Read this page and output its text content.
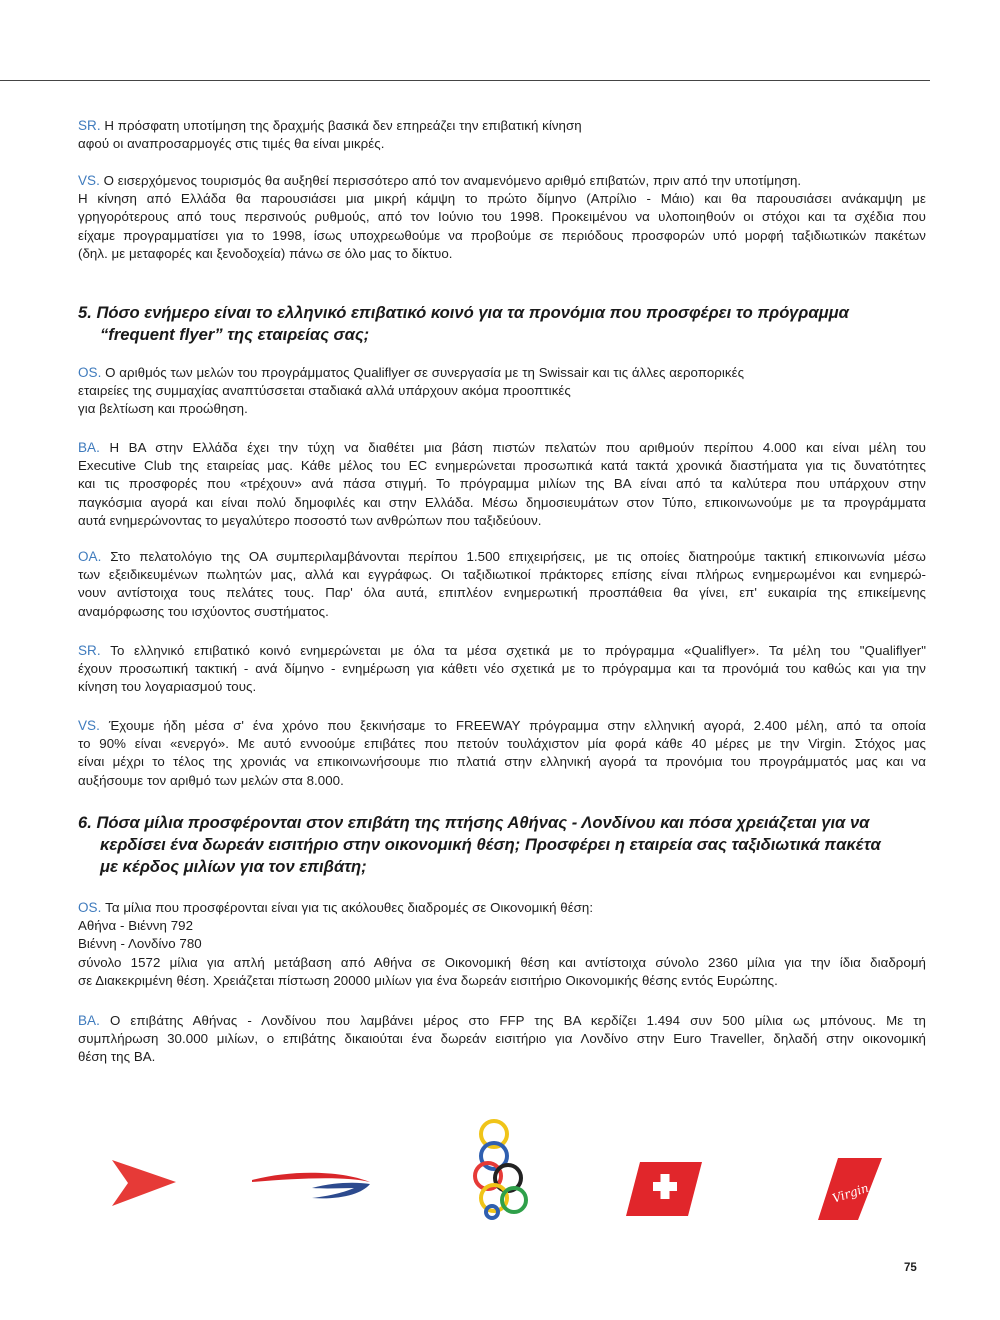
SR. Η πρόσφατη υποτίμηση της δραχμής βασικά δεν επηρεάζει την επιβατική κίνηση
αφού οι αναπροσαρμογές στις τιμές θα είναι μικρές.
VS. Ο εισερχόμενος τουρισμός θα αυξηθεί περισσότερο από τον αναμενόμενο αριθμό επιβατών, πριν από την υποτίμηση.
Η κίνηση από Ελλάδα θα παρουσιάσει μια μικρή κάμψη το πρώτο δίμηνο (Απρίλιο - Μάιο) και θα παρουσιάσει ανάκαμψη με
γρηγορότερους από τους περσινούς ρυθμούς, από τον Ιούνιο του 1998. Προκειμένου να υλοποιηθούν οι στόχοι και τα σχέδια που
είχαμε προγραμματίσει για το 1998, ίσως υποχρεωθούμε να προβούμε σε περιόδους προσφορών υπό μορφή ταξιδιωτικών πακέτων
(δηλ. με μεταφορές και ξενοδοχεία) πάνω σε όλο μας το δίκτυο.
5. Πόσο ενήμερο είναι το ελληνικό επιβατικό κοινό για τα προνόμια που προσφέρει το πρόγραμμα
“frequent flyer” της εταιρείας σας;
OS. Ο αριθμός των μελών του προγράμματος Qualiflyer σε συνεργασία με τη Swissair και τις άλλες αεροπορικές
εταιρείες της συμμαχίας αναπτύσσεται σταδιακά αλλά υπάρχουν ακόμα προοπτικές
για βελτίωση και προώθηση.
BA. Η ΒΑ στην Ελλάδα έχει την τύχη να διαθέτει μια βάση πιστών πελατών που αριθμούν περίπου 4.000 και είναι μέλη του
Executive Club της εταιρείας μας. Κάθε μέλος του EC ενημερώνεται προσωπικά κατά τακτά χρονικά διαστήματα για τις δυνατότητες
και τις προσφορές που «τρέχουν» ανά πάσα στιγμή. Το πρόγραμμα μιλίων της ΒΑ είναι από τα καλύτερα που υπάρχουν στην
παγκόσμια αγορά και είναι πολύ δημοφιλές και στην Ελλάδα. Μέσω δημοσιευμάτων στον Τύπο, επικοινωνούμε με τα προγράμματα
αυτά ενημερώνοντας το μεγαλύτερο ποσοστό των ανθρώπων που ταξιδεύουν.
OA. Στο πελατολόγιο της ΟΑ συμπεριλαμβάνονται περίπου 1.500 επιχειρήσεις, με τις οποίες διατηρούμε τακτική επικοινωνία μέσω
των εξειδικευμένων πωλητών μας, αλλά και εγγράφως. Οι ταξιδιωτικοί πράκτορες επίσης είναι πλήρως ενημερωμένοι και ενημερώ-
νουν αντίστοιχα τους πελάτες τους. Παρ' όλα αυτά, επιπλέον ενημερωτική προσπάθεια θα γίνει, επ' ευκαιρία της επικείμενης
αναμόρφωσης του ισχύοντος συστήματος.
SR. Το ελληνικό επιβατικό κοινό ενημερώνεται με όλα τα μέσα σχετικά με το πρόγραμμα «Qualiflyer». Τα μέλη του "Qualiflyer"
έχουν προσωπική τακτική - ανά δίμηνο - ενημέρωση για κάθετι νέο σχετικά με το πρόγραμμα και τα προνόμιά του καθώς και για την
κίνηση του λογαριασμού τους.
VS. Έχουμε ήδη μέσα σ' ένα χρόνο που ξεκινήσαμε το FREEWAY πρόγραμμα στην ελληνική αγορά, 2.400 μέλη, από τα οποία
το 90% είναι «ενεργό». Με αυτό εννοούμε επιβάτες που πετούν τουλάχιστον μία φορά κάθε 40 μέρες με την Virgin. Στόχος μας
είναι μέχρι το τέλος της χρονιάς να επικοινωνήσουμε πιο πλατιά στην ελληνική αγορά τα προνόμια του προγράμματός μας και να
αυξήσουμε τον αριθμό των μελών στα 8.000.
6. Πόσα μίλια προσφέρονται στον επιβάτη της πτήσης Αθήνας - Λονδίνου και πόσα χρειάζεται για να
κερδίσει ένα δωρεάν εισιτήριο στην οικονομική θέση; Προσφέρει η εταιρεία σας ταξιδιωτικά πακέτα
με κέρδος μιλίων για τον επιβάτη;
OS. Τα μίλια που προσφέρονται είναι για τις ακόλουθες διαδρομές σε Οικονομική θέση:
Αθήνα - Βιέννη 792
Βιέννη - Λονδίνο 780
σύνολο 1572 μίλια για απλή μετάβαση από Αθήνα σε Οικονομική θέση και αντίστοιχα σύνολο 2360 μίλια για την ίδια διαδρομή
σε Διακεκριμένη θέση. Χρειάζεται πίστωση 20000 μιλίων για ένα δωρεάν εισιτήριο Οικονομικής θέσης εντός Ευρώπης.
BA. Ο επιβάτης Αθήνας - Λονδίνου που λαμβάνει μέρος στο FFP της ΒΑ κερδίζει 1.494 συν 500 μίλια ως μπόνους. Με τη
συμπλήρωση 30.000 μιλίων, ο επιβάτης δικαιούται ένα δωρεάν εισιτήριο για Λονδίνο στην Euro Traveller, δηλαδή στην οικονομική
θέση της ΒΑ.
Virgin
75
